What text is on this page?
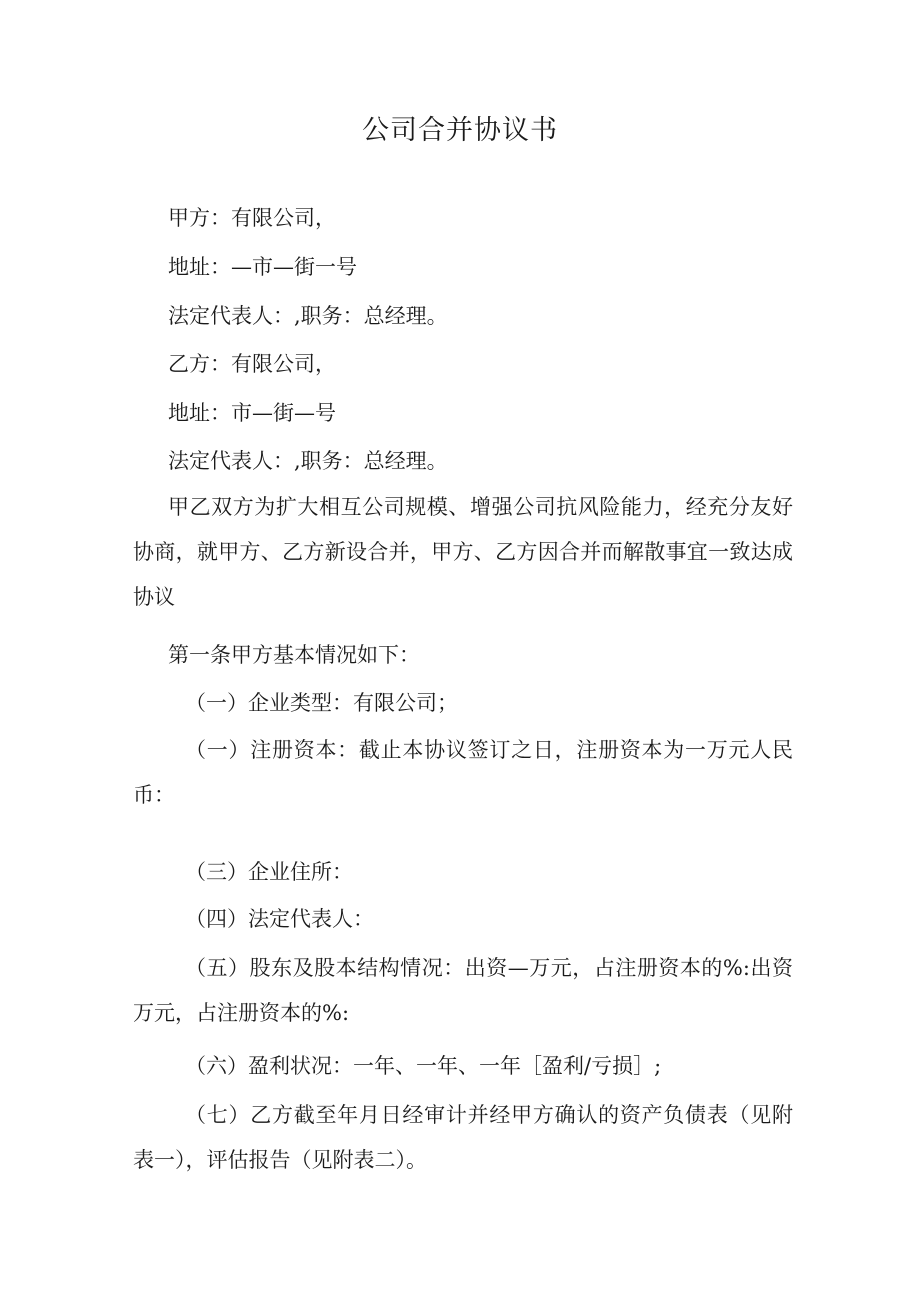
公司合并协议书
甲方：有限公司，
地址：—市—街一号
法定代表人：,职务：总经理。
乙方：有限公司，
地址：市—街—号
法定代表人：,职务：总经理。
甲乙双方为扩大相互公司规模、增强公司抗风险能力，经充分友好协商，就甲方、乙方新设合并，甲方、乙方因合并而解散事宜一致达成协议
第一条甲方基本情况如下：
（一）企业类型：有限公司；
（一）注册资本：截止本协议签订之日，注册资本为一万元人民币：
（三）企业住所：
（四）法定代表人：
（五）股东及股本结构情况：出资—万元，占注册资本的%:出资万元，占注册资本的%:
（六）盈利状况：一年、一年、一年［盈利/亏损］;
（七）乙方截至年月日经审计并经甲方确认的资产负债表（见附表一），评估报告（见附表二）。
